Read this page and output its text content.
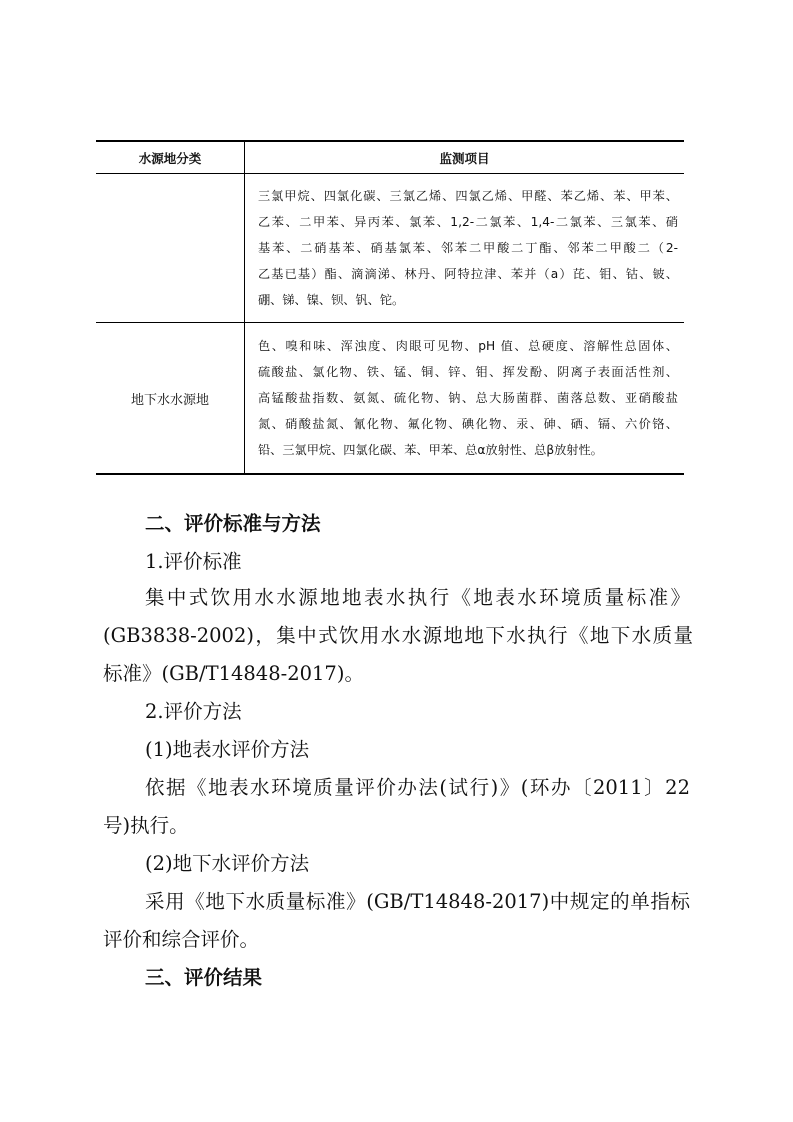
水源地分类	监测项目

	三氯甲烷、四氯化碳、三氯乙烯、四氯乙烯、甲醛、苯乙烯、苯、甲苯、
乙苯、二甲苯、异丙苯、氯苯、1,2-二氯苯、1,4-二氯苯、三氯苯、硝
基苯、二硝基苯、硝基氯苯、邻苯二甲酸二丁酯、邻苯二甲酸二（2-
乙基已基）酯、滴滴涕、林丹、阿特拉津、苯并（a）芘、钼、钴、铍、
硼、锑、镍、钡、钒、铊。

地下水水源地	色、嗅和味、浑浊度、肉眼可见物、pH 值、总硬度、溶解性总固体、
硫酸盐、氯化物、铁、锰、铜、锌、钼、挥发酚、阴离子表面活性剂、
高锰酸盐指数、氨氮、硫化物、钠、总大肠菌群、菌落总数、亚硝酸盐
氮、硝酸盐氮、氰化物、氟化物、碘化物、汞、砷、硒、镉、六价铬、
铅、三氯甲烷、四氯化碳、苯、甲苯、总α放射性、总β放射性。
二、评价标准与方法
1.评价标准
集中式饮用水水源地地表水执行《地表水环境质量标准》
(GB3838-2002)，集中式饮用水水源地地下水执行《地下水质量
标准》(GB/T14848-2017)。
2.评价方法
(1)地表水评价方法
依据《地表水环境质量评价办法(试行)》(环办〔2011〕22
号)执行。
(2)地下水评价方法
采用《地下水质量标准》(GB/T14848-2017)中规定的单指标
评价和综合评价。
三、评价结果
